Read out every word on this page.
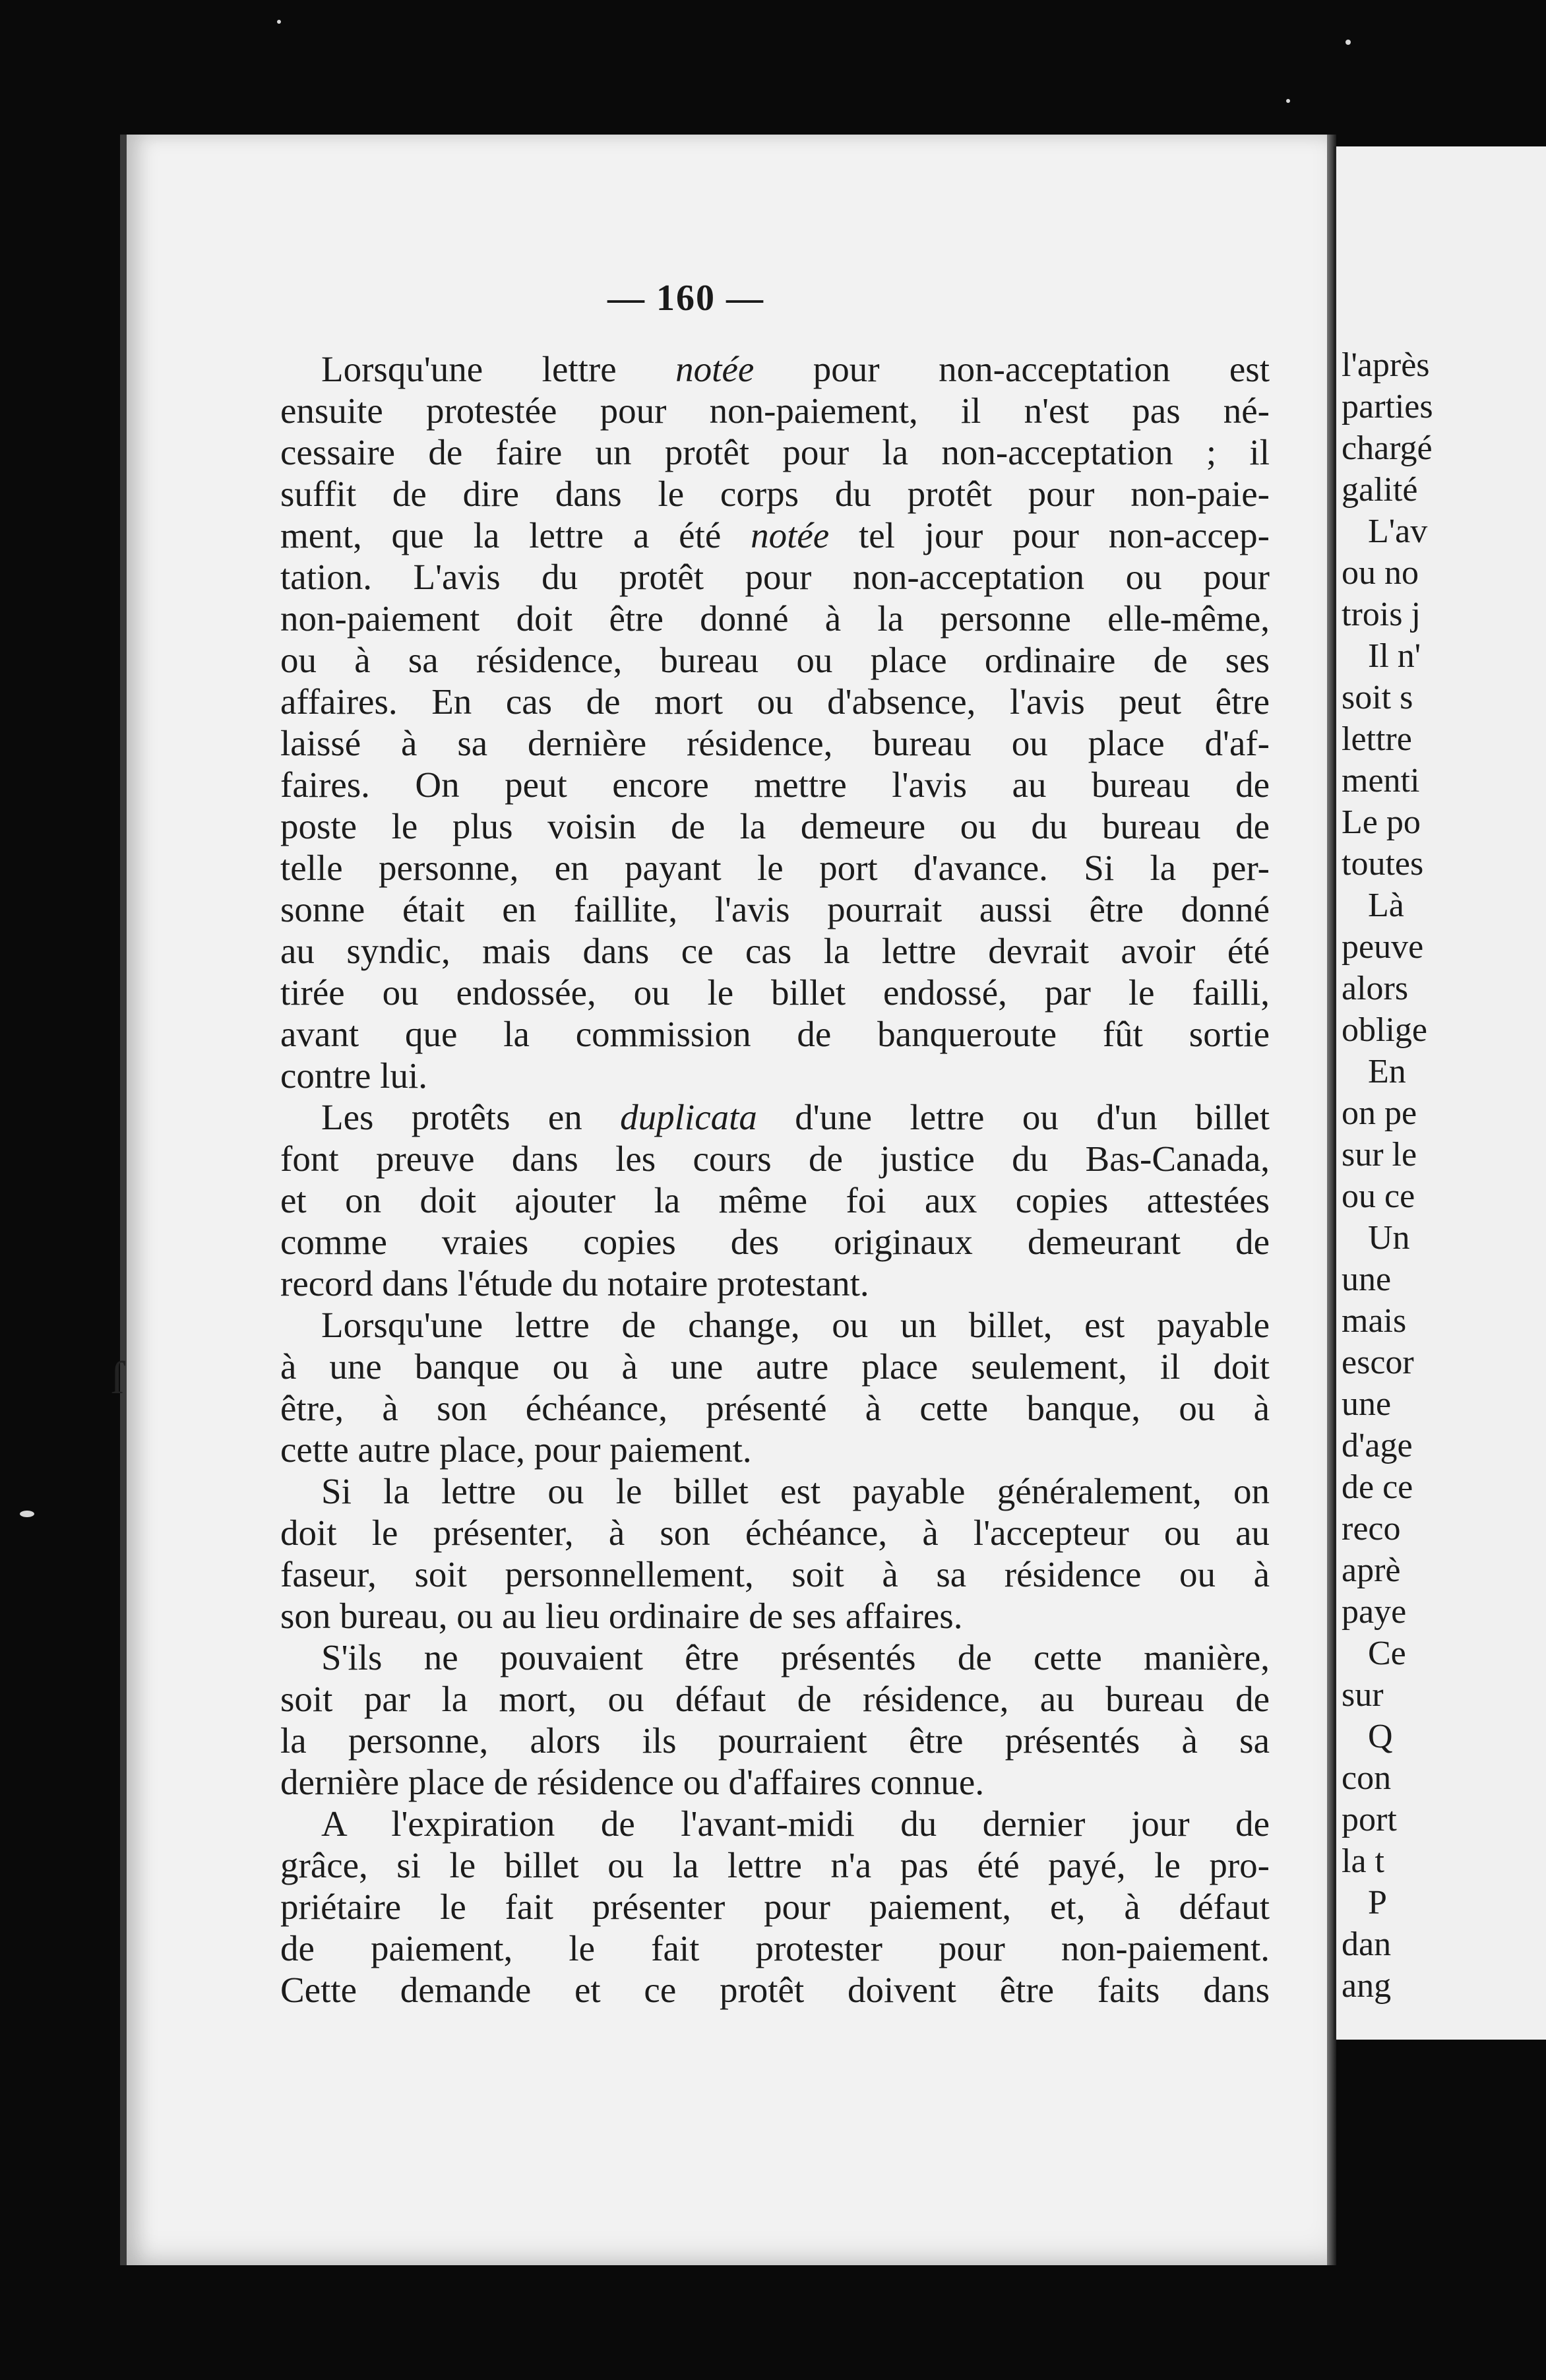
l'après
parties
chargé
galité
L'av
ou no
trois j
Il n'
soit s
lettre
menti
Le po
toutes
Là
peuve
alors
oblige
En
on pe
sur le
ou ce
Un
une
mais
escor
une
d'age
de ce
reco
aprè
paye
Ce
sur
Q
con
port
la t
P
dan
ang
— 160 —
Lorsqu'une lettre notée pour non-acceptation est
ensuite protestée pour non-paiement, il n'est pas né-
cessaire de faire un protêt pour la non-acceptation ; il
suffit de dire dans le corps du protêt pour non-paie-
ment, que la lettre a été notée tel jour pour non-accep-
tation. L'avis du protêt pour non-acceptation ou pour
non-paiement doit être donné à la personne elle-même,
ou à sa résidence, bureau ou place ordinaire de ses
affaires. En cas de mort ou d'absence, l'avis peut être
laissé à sa dernière résidence, bureau ou place d'af-
faires. On peut encore mettre l'avis au bureau de
poste le plus voisin de la demeure ou du bureau de
telle personne, en payant le port d'avance. Si la per-
sonne était en faillite, l'avis pourrait aussi être donné
au syndic, mais dans ce cas la lettre devrait avoir été
tirée ou endossée, ou le billet endossé, par le failli,
avant que la commission de banqueroute fût sortie
contre lui.
Les protêts en duplicata d'une lettre ou d'un billet
font preuve dans les cours de justice du Bas-Canada,
et on doit ajouter la même foi aux copies attestées
comme vraies copies des originaux demeurant de
record dans l'étude du notaire protestant.
Lorsqu'une lettre de change, ou un billet, est payable
à une banque ou à une autre place seulement, il doit
être, à son échéance, présenté à cette banque, ou à
cette autre place, pour paiement.
Si la lettre ou le billet est payable généralement, on
doit le présenter, à son échéance, à l'accepteur ou au
faseur, soit personnellement, soit à sa résidence ou à
son bureau, ou au lieu ordinaire de ses affaires.
S'ils ne pouvaient être présentés de cette manière,
soit par la mort, ou défaut de résidence, au bureau de
la personne, alors ils pourraient être présentés à sa
dernière place de résidence ou d'affaires connue.
A l'expiration de l'avant-midi du dernier jour de
grâce, si le billet ou la lettre n'a pas été payé, le pro-
priétaire le fait présenter pour paiement, et, à défaut
de paiement, le fait protester pour non-paiement.
Cette demande et ce protêt doivent être faits dans
ſ
